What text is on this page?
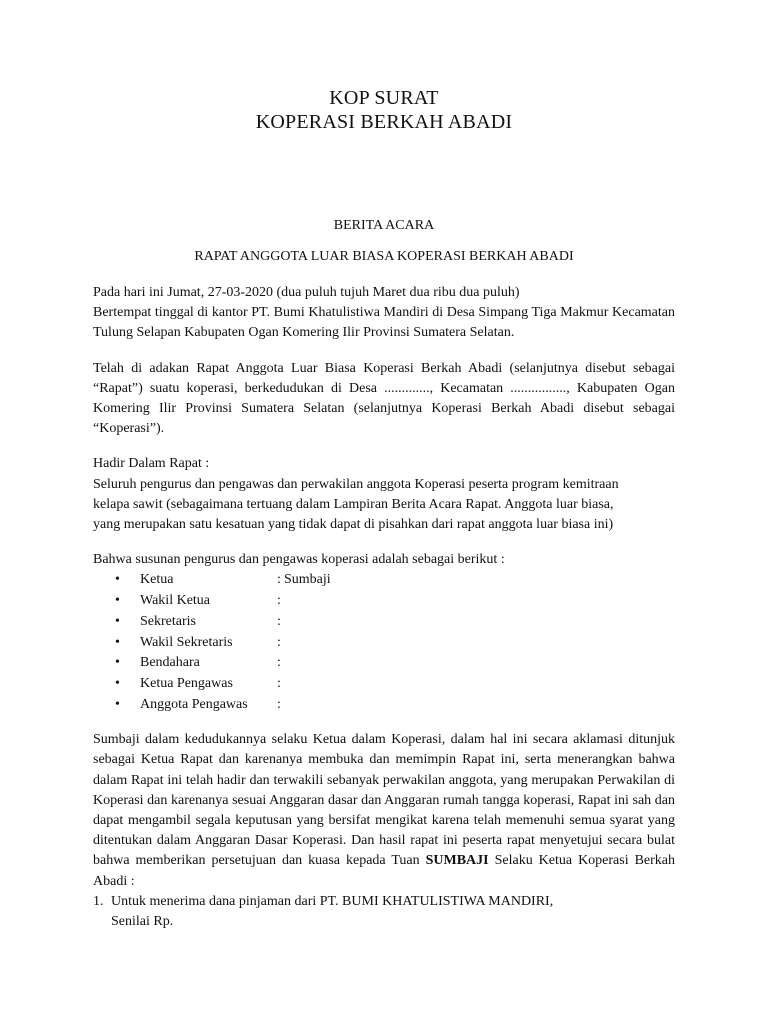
KOP SURAT
KOPERASI BERKAH ABADI
BERITA ACARA
RAPAT ANGGOTA LUAR BIASA KOPERASI BERKAH ABADI

Pada hari ini Jumat, 27-03-2020 (dua puluh tujuh Maret dua ribu dua puluh)

Bertempat tinggal di kantor PT. Bumi Khatulistiwa Mandiri di Desa Simpang Tiga Makmur Kecamatan Tulung Selapan Kabupaten Ogan Komering Ilir Provinsi Sumatera Selatan.

Telah di adakan Rapat Anggota Luar Biasa Koperasi Berkah Abadi (selanjutnya disebut sebagai “Rapat”) suatu koperasi, berkedudukan di Desa ............., Kecamatan ................, Kabupaten Ogan Komering Ilir Provinsi Sumatera Selatan (selanjutnya Koperasi Berkah Abadi disebut sebagai “Koperasi”).

Hadir Dalam Rapat :

Seluruh pengurus dan pengawas dan perwakilan anggota Koperasi peserta program kemitraan

kelapa sawit (sebagaimana tertuang dalam Lampiran Berita Acara Rapat. Anggota luar biasa,

yang merupakan satu kesatuan yang tidak dapat di pisahkan dari rapat anggota luar biasa ini)

Bahwa susunan pengurus dan pengawas koperasi adalah sebagai berikut :

• Ketua	: Sumbaji
• Wakil Ketua	:
• Sekretaris	:
• Wakil Sekretaris	:
• Bendahara	:
• Ketua Pengawas	:
• Anggota Pengawas :

Sumbaji dalam kedudukannya selaku Ketua dalam Koperasi, dalam hal ini secara aklamasi ditunjuk sebagai Ketua Rapat dan karenanya membuka dan memimpin Rapat ini, serta menerangkan bahwa dalam Rapat ini telah hadir dan terwakili sebanyak perwakilan anggota, yang merupakan Perwakilan di Koperasi dan karenanya sesuai Anggaran dasar dan Anggaran rumah tangga koperasi, Rapat ini sah dan dapat mengambil segala keputusan yang bersifat mengikat karena telah memenuhi semua syarat yang ditentukan dalam Anggaran Dasar Koperasi. Dan hasil rapat ini peserta rapat menyetujui secara bulat bahwa memberikan persetujuan dan kuasa kepada Tuan SUMBAJI Selaku Ketua Koperasi Berkah Abadi :

1. Untuk menerima dana pinjaman dari PT. BUMI KHATULISTIWA MANDIRI,
Senilai Rp.
